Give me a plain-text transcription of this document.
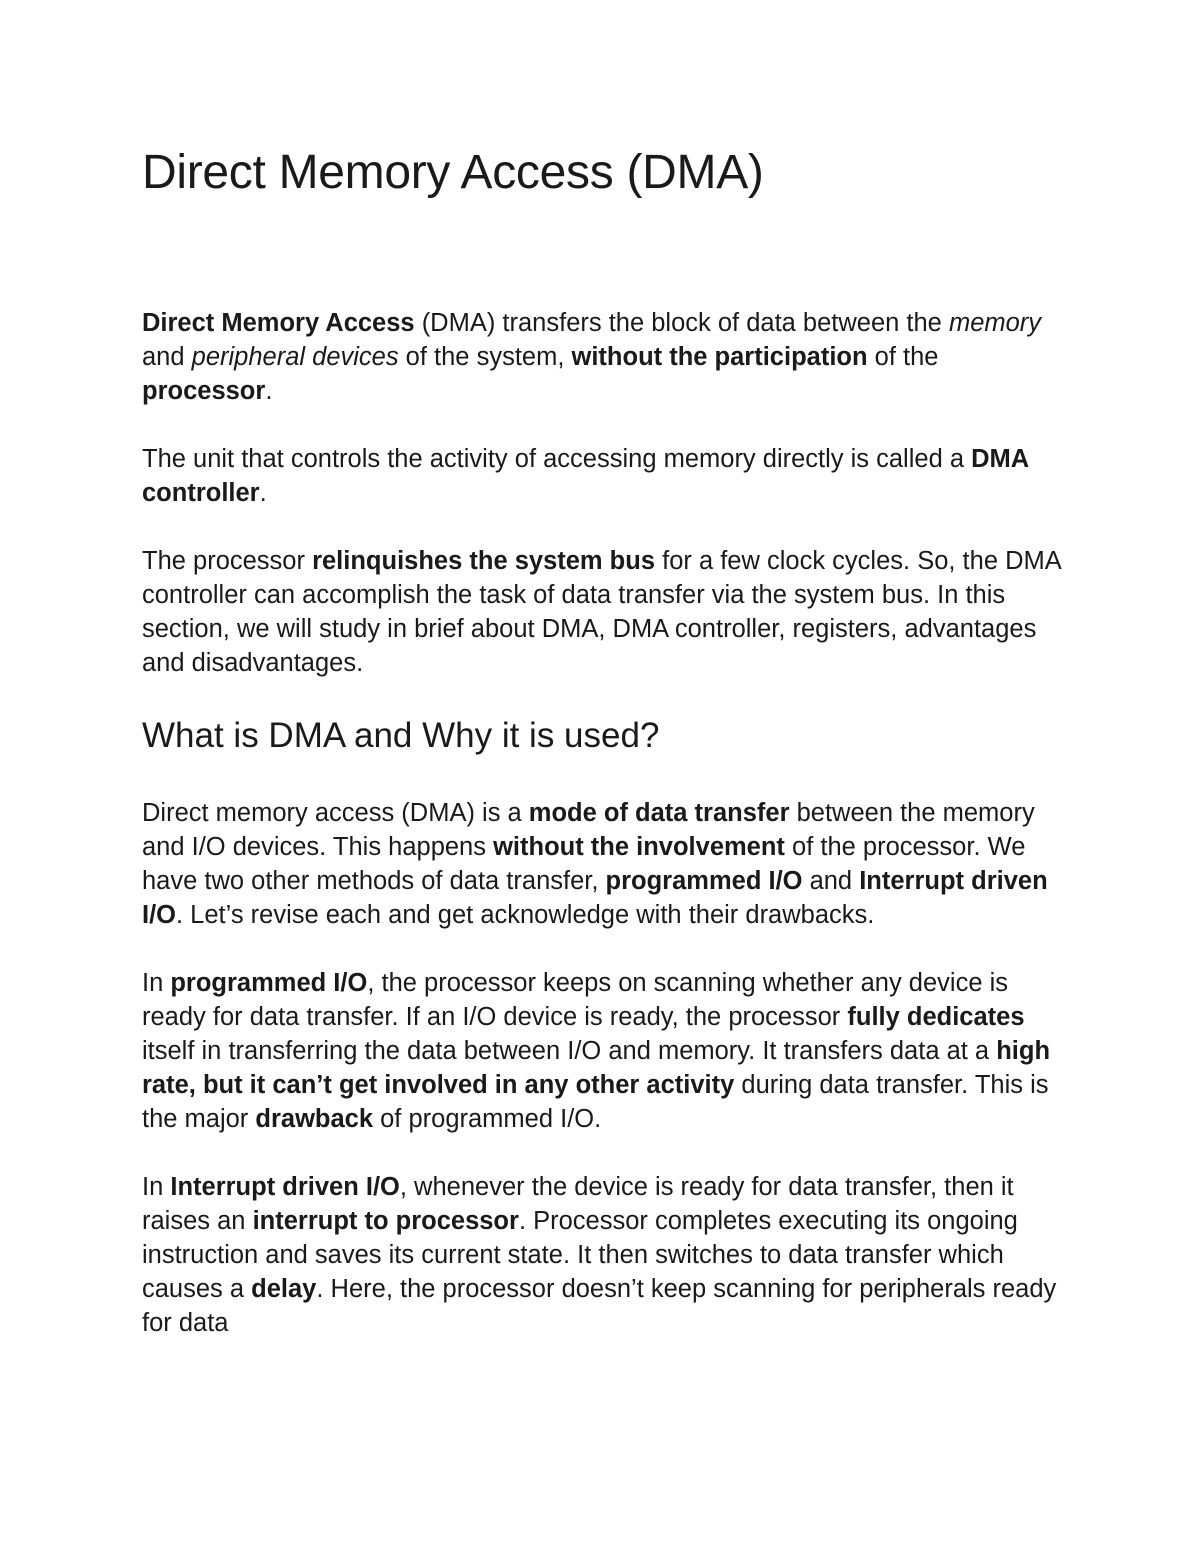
Direct Memory Access (DMA)

Direct Memory Access (DMA) transfers the block of data between the memory and peripheral devices of the system, without the participation of the processor.

The unit that controls the activity of accessing memory directly is called a DMA controller.

The processor relinquishes the system bus for a few clock cycles. So, the DMA controller can accomplish the task of data transfer via the system bus. In this section, we will study in brief about DMA, DMA controller, registers, advantages and disadvantages.

What is DMA and Why it is used?

Direct memory access (DMA) is a mode of data transfer between the memory and I/O devices. This happens without the involvement of the processor. We have two other methods of data transfer, programmed I/O and Interrupt driven I/O. Let’s revise each and get acknowledge with their drawbacks.

In programmed I/O, the processor keeps on scanning whether any device is ready for data transfer. If an I/O device is ready, the processor fully dedicates itself in transferring the data between I/O and memory. It transfers data at a high rate, but it can’t get involved in any other activity during data transfer. This is the major drawback of programmed I/O.

In Interrupt driven I/O, whenever the device is ready for data transfer, then it raises an interrupt to processor. Processor completes executing its ongoing instruction and saves its current state. It then switches to data transfer which causes a delay. Here, the processor doesn’t keep scanning for peripherals ready for data
